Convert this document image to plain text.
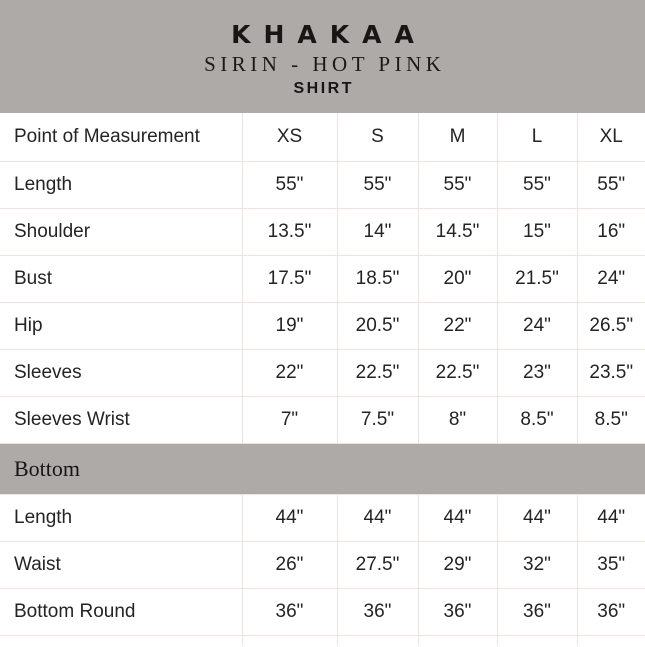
KHAKAA
SIRIN - HOT PINK
SHIRT
Point of Measurement	XS	S	M	L	XL
Length	55"	55"	55"	55"	55"
Shoulder	13.5"	14"	14.5"	15"	16"
Bust	17.5"	18.5"	20"	21.5"	24"
Hip	19"	20.5"	22"	24"	26.5"
Sleeves	22"	22.5"	22.5"	23"	23.5"
Sleeves Wrist	7"	7.5"	8"	8.5"	8.5"
Bottom					
Length	44"	44"	44"	44"	44"
Waist	26"	27.5"	29"	32"	35"
Bottom Round	36"	36"	36"	36"	36"
